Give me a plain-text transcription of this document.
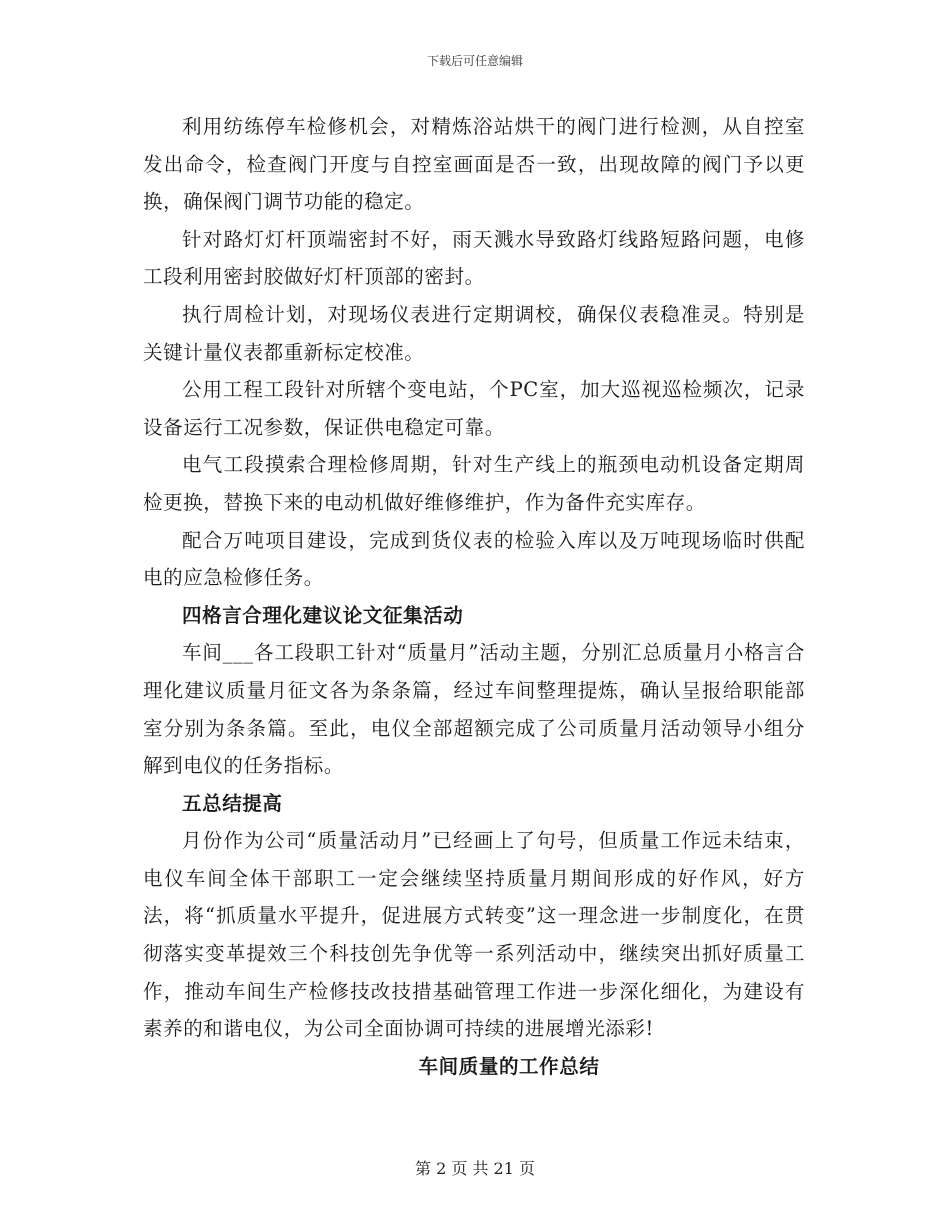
下载后可任意编辑

利用纺练停车检修机会，对精炼浴站烘干的阀门进行检测，从自控室发出命令，检查阀门开度与自控室画面是否一致，出现故障的阀门予以更换，确保阀门调节功能的稳定。

针对路灯灯杆顶端密封不好，雨天溅水导致路灯线路短路问题，电修工段利用密封胶做好灯杆顶部的密封。

执行周检计划，对现场仪表进行定期调校，确保仪表稳准灵。特别是关键计量仪表都重新标定校准。

公用工程工段针对所辖个变电站，个PC室，加大巡视巡检频次，记录设备运行工况参数，保证供电稳定可靠。

电气工段摸索合理检修周期，针对生产线上的瓶颈电动机设备定期周检更换，替换下来的电动机做好维修维护，作为备件充实库存。

配合万吨项目建设，完成到货仪表的检验入库以及万吨现场临时供配电的应急检修任务。

四格言合理化建议论文征集活动

车间___各工段职工针对“质量月”活动主题，分别汇总质量月小格言合理化建议质量月征文各为条条篇，经过车间整理提炼，确认呈报给职能部室分别为条条篇。至此，电仪全部超额完成了公司质量月活动领导小组分解到电仪的任务指标。

五总结提高

月份作为公司“质量活动月”已经画上了句号，但质量工作远未结束，电仪车间全体干部职工一定会继续坚持质量月期间形成的好作风，好方法，将“抓质量水平提升，促进展方式转变”这一理念进一步制度化，在贯彻落实变革提效三个科技创先争优等一系列活动中，继续突出抓好质量工作，推动车间生产检修技改技措基础管理工作进一步深化细化，为建设有素养的和谐电仪，为公司全面协调可持续的进展增光添彩!

车间质量的工作总结

第 2 页 共 21 页
